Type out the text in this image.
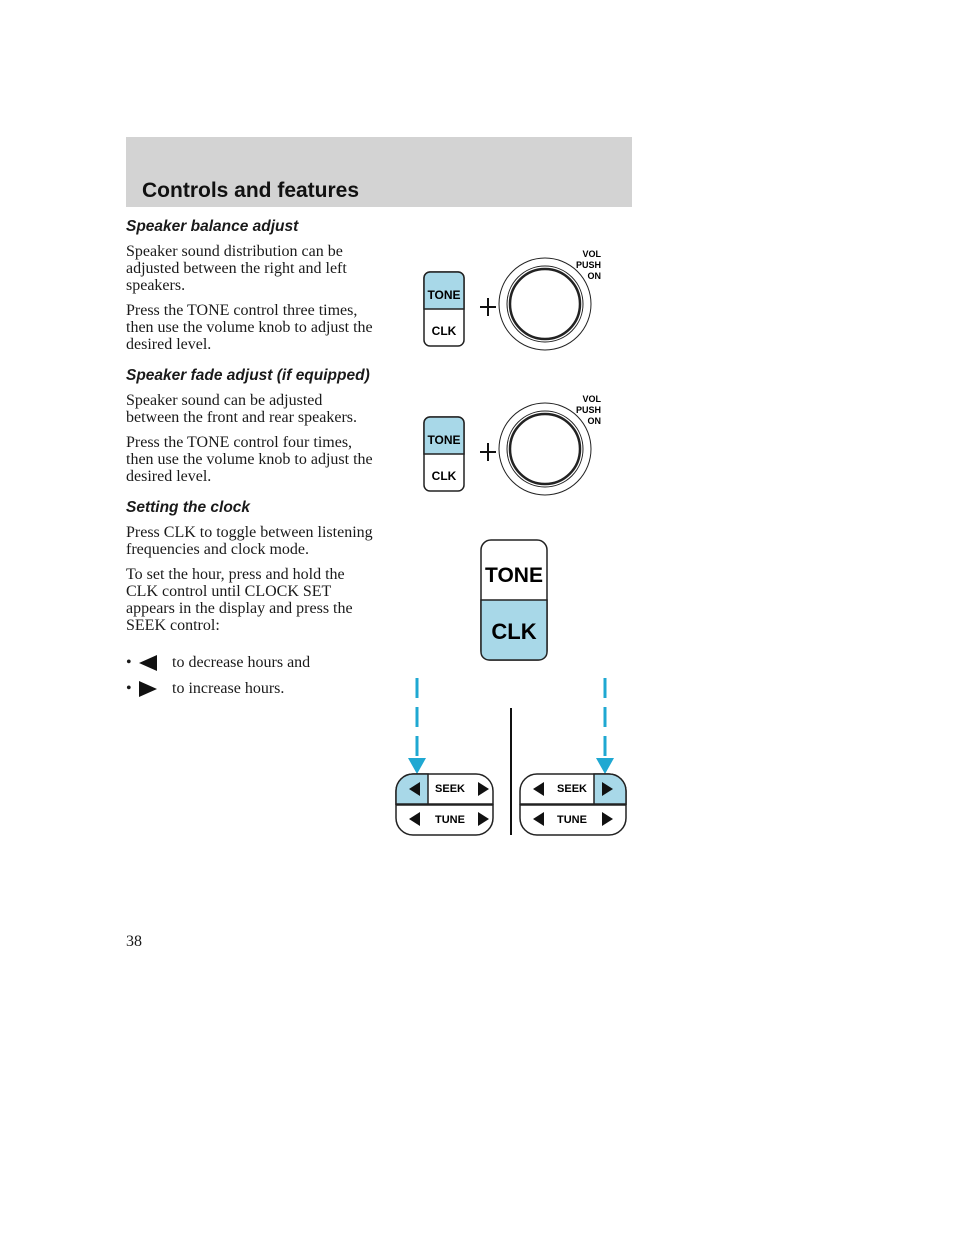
Controls and features
Speaker balance adjust

Speaker sound distribution can be adjusted between the right and left speakers.

Press the TONE control three times, then use the volume knob to adjust the desired level.

Speaker fade adjust (if equipped)

Speaker sound can be adjusted between the front and rear speakers.

Press the TONE control four times, then use the volume knob to adjust the desired level.

Setting the clock

Press CLK to toggle between listening frequencies and clock mode.

To set the hour, press and hold the CLK control until CLOCK SET appears in the display and press the SEEK control:

•	to decrease hours and
•	to increase hours.
TONE
CLK
VOL
PUSH
ON
TONE
CLK
VOL
PUSH
ON
TONE
CLK
SEEK
TUNE
SEEK
TUNE
38
